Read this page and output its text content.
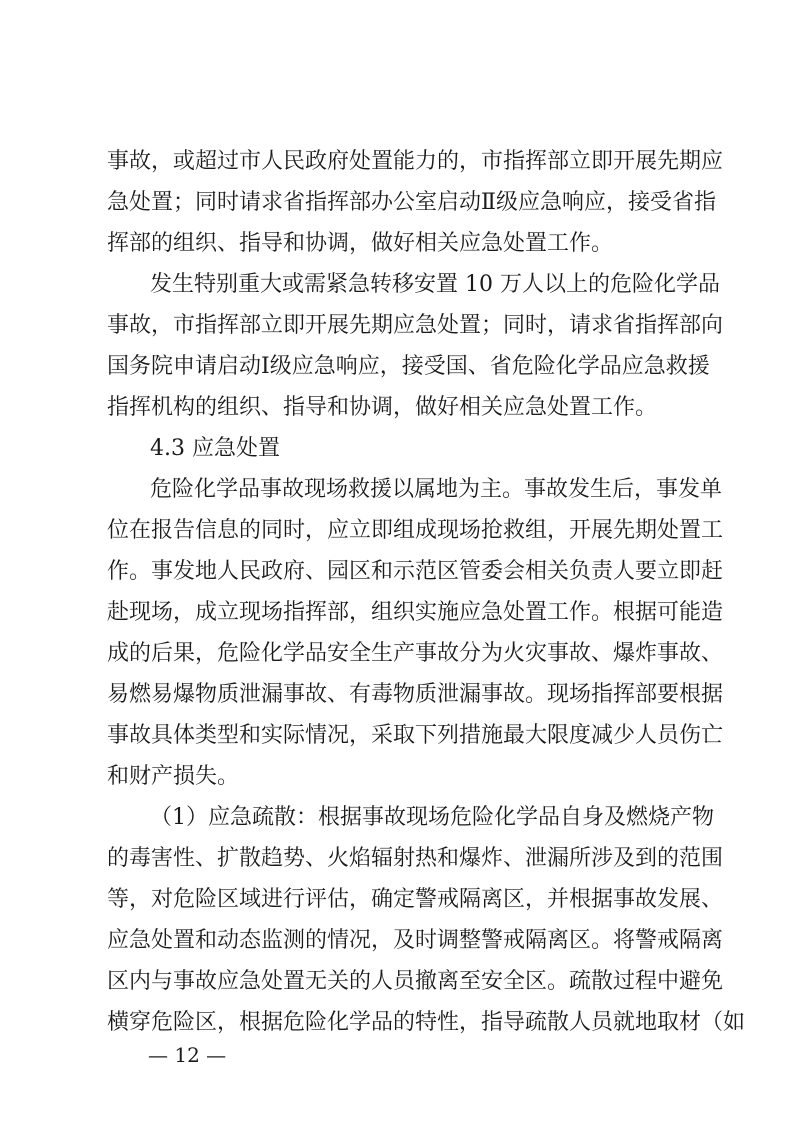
事故，或超过市人民政府处置能力的，市指挥部立即开展先期应
急处置；同时请求省指挥部办公室启动Ⅱ级应急响应，接受省指
挥部的组织、指导和协调，做好相关应急处置工作。
发生特别重大或需紧急转移安置 10 万人以上的危险化学品
事故，市指挥部立即开展先期应急处置；同时，请求省指挥部向
国务院申请启动Ⅰ级应急响应，接受国、省危险化学品应急救援
指挥机构的组织、指导和协调，做好相关应急处置工作。
4.3 应急处置
危险化学品事故现场救援以属地为主。事故发生后，事发单
位在报告信息的同时，应立即组成现场抢救组，开展先期处置工
作。事发地人民政府、园区和示范区管委会相关负责人要立即赶
赴现场，成立现场指挥部，组织实施应急处置工作。根据可能造
成的后果，危险化学品安全生产事故分为火灾事故、爆炸事故、
易燃易爆物质泄漏事故、有毒物质泄漏事故。现场指挥部要根据
事故具体类型和实际情况，采取下列措施最大限度减少人员伤亡
和财产损失。
（1）应急疏散：根据事故现场危险化学品自身及燃烧产物
的毒害性、扩散趋势、火焰辐射热和爆炸、泄漏所涉及到的范围
等，对危险区域进行评估，确定警戒隔离区，并根据事故发展、
应急处置和动态监测的情况，及时调整警戒隔离区。将警戒隔离
区内与事故应急处置无关的人员撤离至安全区。疏散过程中避免
横穿危险区，根据危险化学品的特性，指导疏散人员就地取材（如
— 12 —
